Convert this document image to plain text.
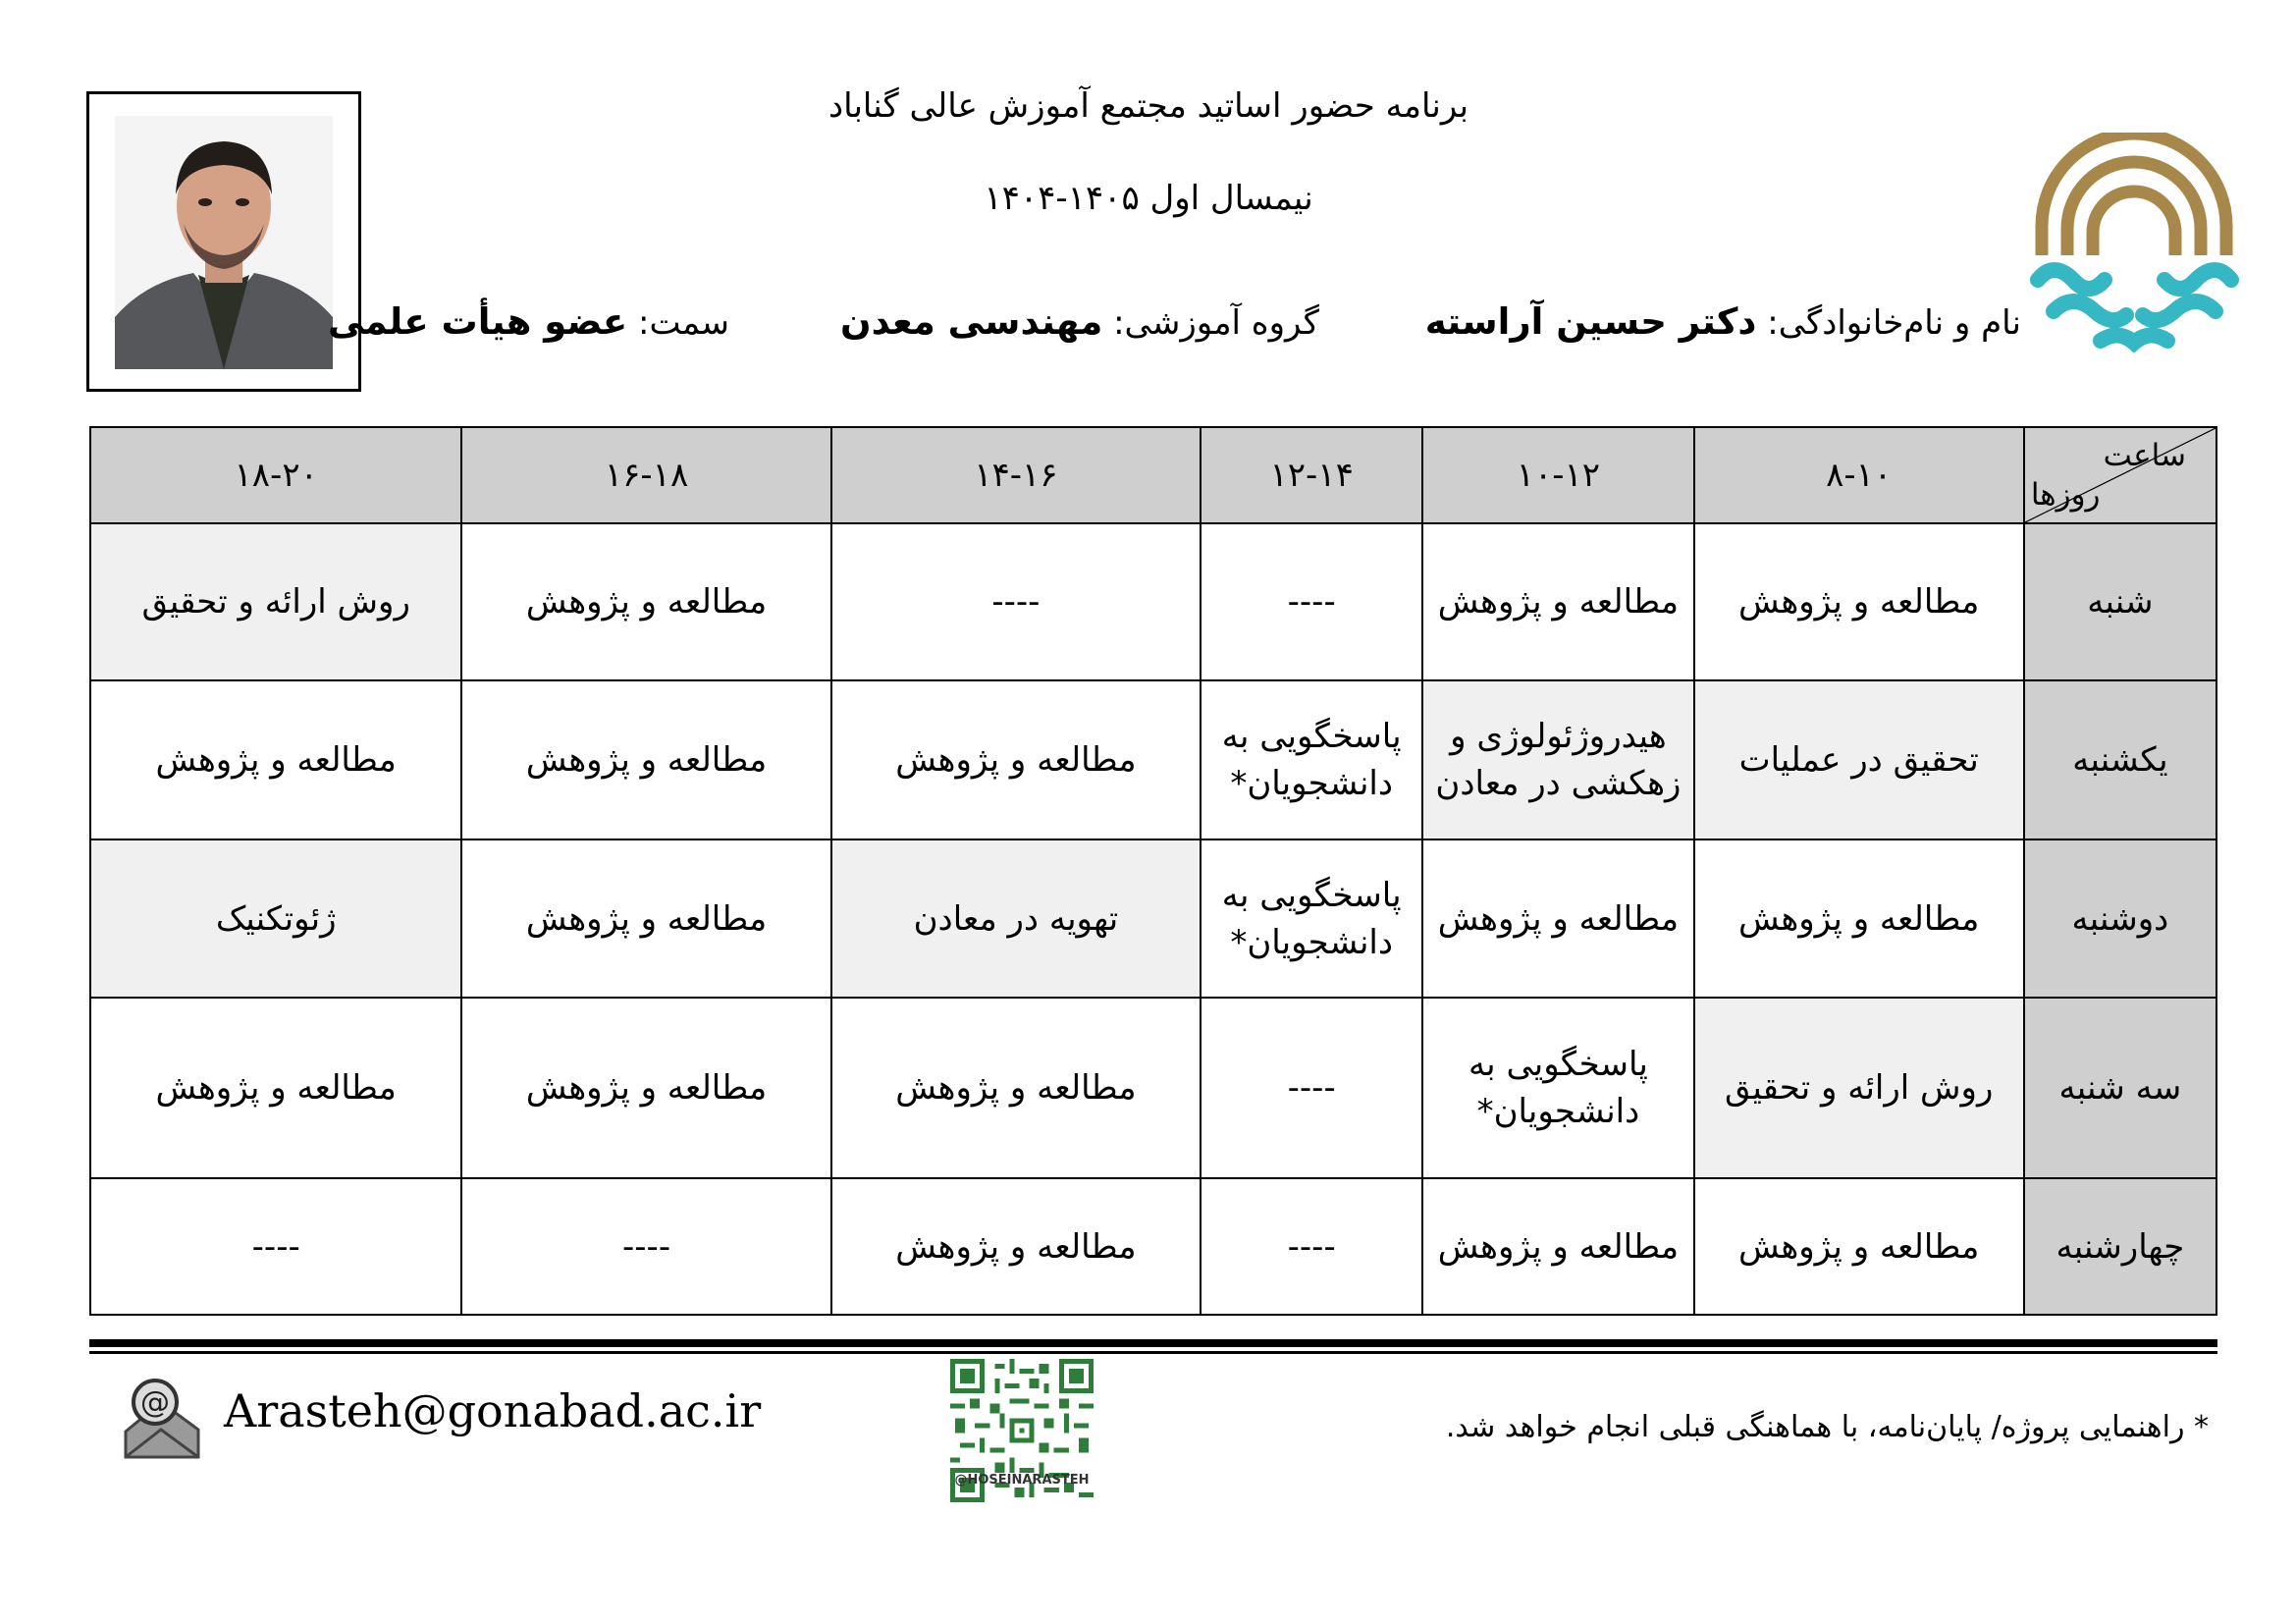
برنامه حضور اساتید مجتمع آموزش عالی گناباد
نیمسال اول ۱۴۰۵-۱۴۰۴
نام و نام‌خانوادگی: دکتر حسین آراسته
گروه آموزشی: مهندسی معدن
سمت: عضو هیأت علمی
ساعت
روزها	۸-۱۰	۱۰-۱۲	۱۲-۱۴	۱۴-۱۶	۱۶-۱۸	۱۸-۲۰
شنبه	مطالعه و پژوهش	مطالعه و پژوهش	----	----	مطالعه و پژوهش	روش ارائه و تحقیق
یکشنبه	تحقیق در عملیات	هیدروژئولوژی و زهکشی در معادن	پاسخگویی به دانشجویان*	مطالعه و پژوهش	مطالعه و پژوهش	مطالعه و پژوهش
دوشنبه	مطالعه و پژوهش	مطالعه و پژوهش	پاسخگویی به دانشجویان*	تهویه در معادن	مطالعه و پژوهش	ژئوتکنیک
سه شنبه	روش ارائه و تحقیق	پاسخگویی به دانشجویان*	----	مطالعه و پژوهش	مطالعه و پژوهش	مطالعه و پژوهش
چهارشنبه	مطالعه و پژوهش	مطالعه و پژوهش	----	مطالعه و پژوهش	----	----
@ Arasteh@gonabad.ac.ir
@HOSEINARASTEH
* راهنمایی پروژه/ پایان‌نامه، با هماهنگی قبلی انجام خواهد شد.
